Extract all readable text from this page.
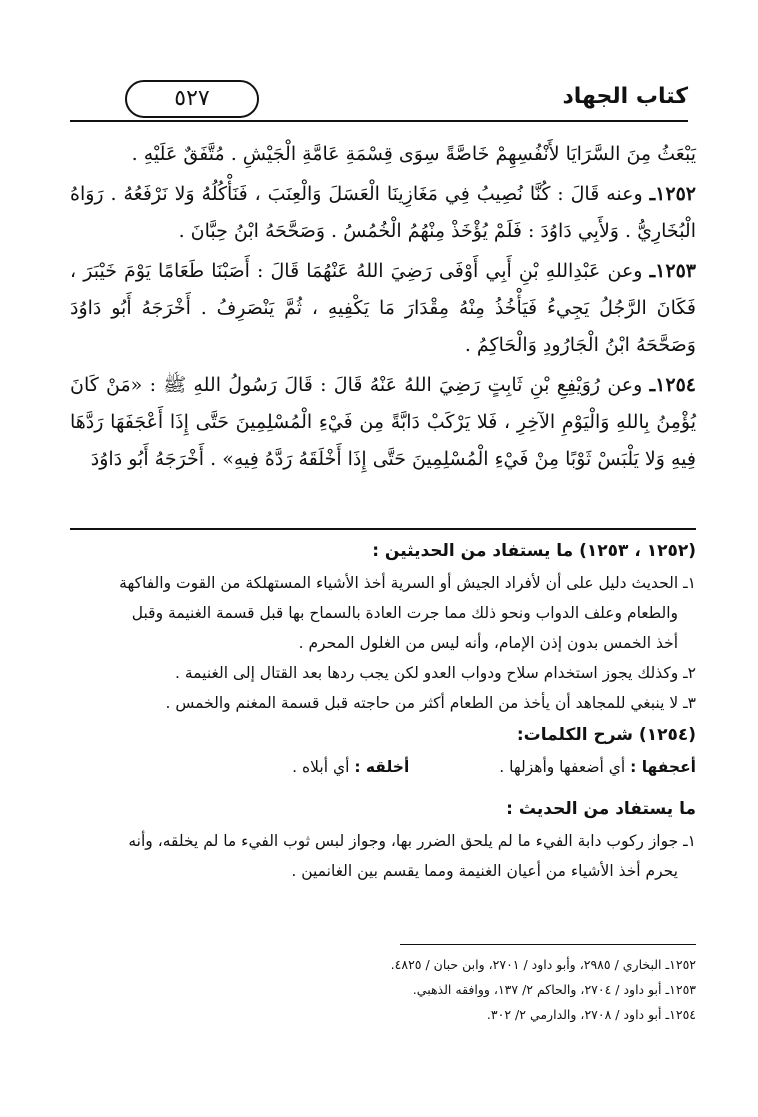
كتاب الجهاد
٥٢٧

يَبْعَثُ مِنَ السَّرَايَا لأَنْفُسِهِمْ خَاصَّةً سِوَى قِسْمَةِ عَامَّةِ الْجَيْشِ . مُتَّفَقٌ عَلَيْهِ .

١٢٥٢ـ وعنه قَالَ : كُنَّا نُصِيبُ فِي مَغَازِينَا الْعَسَلَ وَالْعِنَبَ ، فَنَأْكُلُهُ وَلا نَرْفَعُهُ . رَوَاهُ الْبُخَارِيُّ . وَلأَبِي دَاوُدَ : فَلَمْ يُؤْخَذْ مِنْهُمُ الْخُمُسُ . وَصَحَّحَهُ ابْنُ حِبَّانَ .

١٢٥٣ـ وعن عَبْدِاللهِ بْنِ أَبِي أَوْفَى رَضِيَ اللهُ عَنْهُمَا قَالَ : أَصَبْنَا طَعَامًا يَوْمَ خَيْبَرَ ، فَكَانَ الرَّجُلُ يَجِيءُ فَيَأْخُذُ مِنْهُ مِقْدَارَ مَا يَكْفِيهِ ، ثُمَّ يَنْصَرِفُ . أَخْرَجَهُ أَبُو دَاوُدَ وَصَحَّحَهُ ابْنُ الْجَارُودِ وَالْحَاكِمُ .

١٢٥٤ـ وعن رُوَيْفِعِ بْنِ ثَابِتٍ رَضِيَ اللهُ عَنْهُ قَالَ : قَالَ رَسُولُ اللهِ ﷺ : «مَنْ كَانَ يُؤْمِنُ بِاللهِ وَالْيَوْمِ الآخِرِ ، فَلا يَرْكَبْ دَابَّةً مِن فَيْءِ الْمُسْلِمِينَ حَتَّى إِذَا أَعْجَفَهَا رَدَّهَا فِيهِ وَلا يَلْبَسْ ثَوْبًا مِنْ فَيْءِ الْمُسْلِمِينَ حَتَّى إِذَا أَخْلَقَهُ رَدَّهُ فِيهِ» . أَخْرَجَهُ أَبُو دَاوُدَ

(١٢٥٢ ، ١٢٥٣) ما يستفاد من الحديثين :

١ـ الحديث دليل على أن لأفراد الجيش أو السرية أخذ الأشياء المستهلكة من القوت والفاكهة
والطعام وعلف الدواب ونحو ذلك مما جرت العادة بالسماح بها قبل قسمة الغنيمة وقبل
أخذ الخمس بدون إذن الإمام، وأنه ليس من الغلول المحرم .

٢ـ وكذلك يجوز استخدام سلاح ودواب العدو لكن يجب ردها بعد القتال إلى الغنيمة .

٣ـ لا ينبغي للمجاهد أن يأخذ من الطعام أكثر من حاجته قبل قسمة المغنم والخمس .

(١٢٥٤) شرح الكلمات:
أعجفها : أي أضعفها وأهزلها .
أخلقه : أي أبلاه .
ما يستفاد من الحديث :

١ـ جواز ركوب دابة الفيء ما لم يلحق الضرر بها، وجواز لبس ثوب الفيء ما لم يخلقه، وأنه
يحرم أخذ الأشياء من أعيان الغنيمة ومما يقسم بين الغانمين .

١٢٥٢ـ البخاري / ٢٩٨٥، وأبو داود / ٢٧٠١، وابن حبان / ٤٨٢٥.

١٢٥٣ـ أبو داود / ٢٧٠٤، والحاكم ٢/ ١٣٧، ووافقه الذهبي.

١٢٥٤ـ أبو داود / ٢٧٠٨، والدارمي ٢/ ٣٠٢.
